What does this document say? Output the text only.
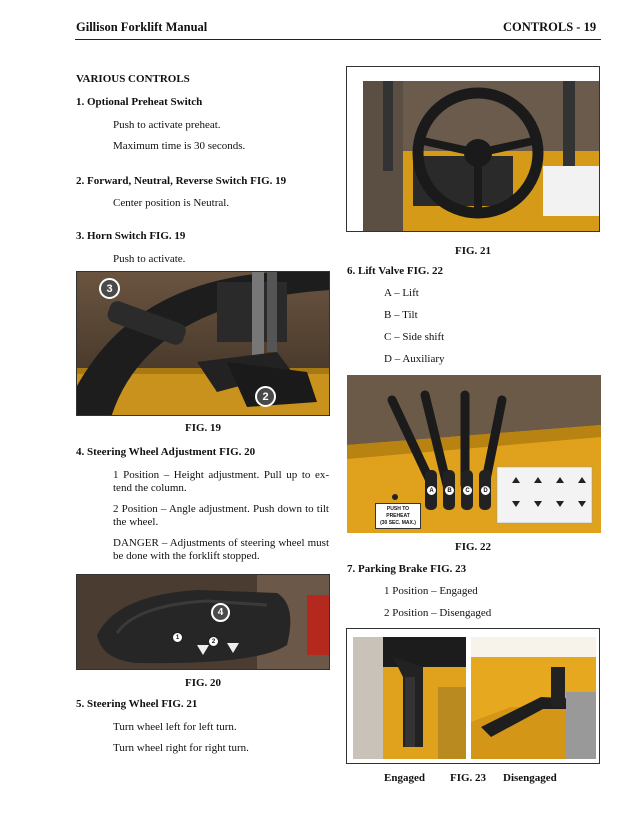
Gillison Forklift Manual	CONTROLS - 19
VARIOUS CONTROLS
1. Optional Preheat Switch
Push to activate preheat.
Maximum time is 30 seconds.
2. Forward, Neutral, Reverse Switch FIG. 19
Center position is Neutral.
3. Horn Switch FIG. 19
Push to activate.
3
2
FIG. 19
4. Steering Wheel Adjustment FIG. 20
1 Position – Height adjustment. Pull up to ex- tend the column.
2 Position – Angle adjustment. Push down to tilt the wheel.
DANGER – Adjustments of steering wheel must be done with the forklift stopped.
4
1
2
FIG. 20
5. Steering Wheel FIG. 21
Turn wheel left for left turn.
Turn wheel right for right turn.
FIG. 21
6. Lift Valve FIG. 22
A – Lift
B – Tilt
C – Side shift
D – Auxiliary
A	B	C	D
PUSH TO
PREHEAT
(30 SEC. MAX.)
FIG. 22
7. Parking Brake FIG. 23
1 Position – Engaged
2 Position – Disengaged
Engaged FIG. 23 Disengaged
